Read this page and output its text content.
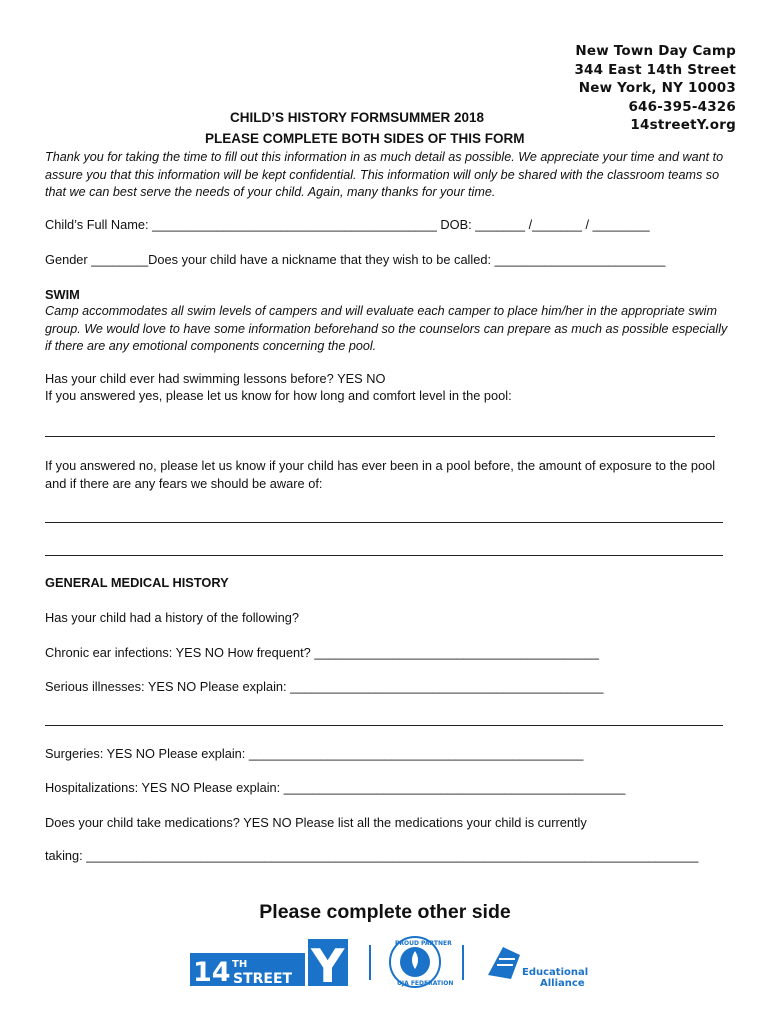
New Town Day Camp
344 East 14th Street
New York, NY 10003
646-395-4326
14streetY.org
CHILD’S HISTORY FORMSUMMER 2018
PLEASE COMPLETE BOTH SIDES OF THIS FORM
Thank you for taking the time to fill out this information in as much detail as possible. We appreciate your time and want to assure you that this information will be kept confidential. This information will only be shared with the classroom teams so that we can best serve the needs of your child. Again, many thanks for your time.
Child’s Full Name: ________________________________________ DOB: _______ /_______ / ________
Gender ________Does your child have a nickname that they wish to be called: ________________________
SWIM
Camp accommodates all swim levels of campers and will evaluate each camper to place him/her in the appropriate swim group. We would love to have some information beforehand so the counselors can prepare as much as possible especially if there are any emotional components concerning the pool.
Has your child ever had swimming lessons before? YES NO
If you answered yes, please let us know for how long and comfort level in the pool:
If you answered no, please let us know if your child has ever been in a pool before, the amount of exposure to the pool and if there are any fears we should be aware of:
GENERAL MEDICAL HISTORY
Has your child had a history of the following?
Chronic ear infections: YES NO How frequent? ________________________________________
Serious illnesses: YES NO Please explain: ____________________________________________
Surgeries: YES NO Please explain: _______________________________________________
Hospitalizations: YES NO Please explain: ________________________________________________
Does your child take medications? YES NO Please list all the medications your child is currently
taking: ______________________________________________________________________________________
Please complete other side
14 TH
STREET Y	PROUD PARTNER
UJA FEDERATION
Educational
Alliance
